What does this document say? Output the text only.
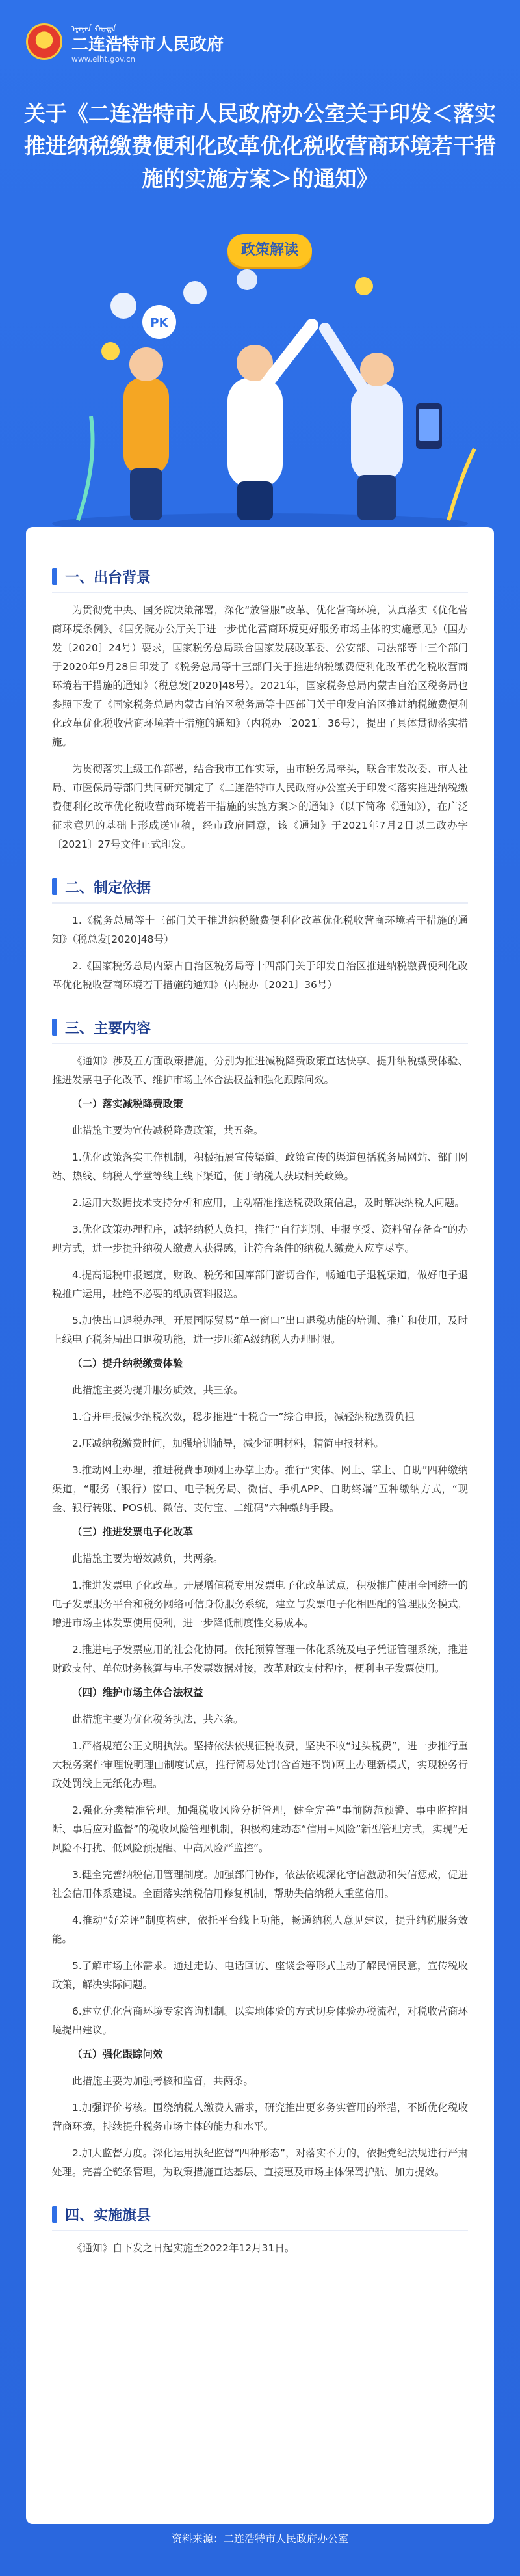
ᠡᠷᠡᠶᠡᠨ ᠬᠣᠲᠠ
二连浩特市人民政府
www.elht.gov.cn
关于《二连浩特市人民政府办公室关于印发＜落实推进纳税缴费便利化改革优化税收营商环境若干措施的实施方案＞的通知》
政策解读
PK
一、出台背景

为贯彻党中央、国务院决策部署，深化“放管服”改革、优化营商环境，认真落实《优化营商环境条例》、《国务院办公厅关于进一步优化营商环境更好服务市场主体的实施意见》（国办发〔2020〕24号）要求，国家税务总局联合国家发展改革委、公安部、司法部等十三个部门于2020年9月28日印发了《税务总局等十三部门关于推进纳税缴费便利化改革优化税收营商环境若干措施的通知》（税总发[2020]48号）。2021年，国家税务总局内蒙古自治区税务局也参照下发了《国家税务总局内蒙古自治区税务局等十四部门关于印发自治区推进纳税缴费便利化改革优化税收营商环境若干措施的通知》（内税办〔2021〕36号），提出了具体贯彻落实措施。

为贯彻落实上级工作部署，结合我市工作实际，由市税务局牵头，联合市发改委、市人社局、市医保局等部门共同研究制定了《二连浩特市人民政府办公室关于印发＜落实推进纳税缴费便利化改革优化税收营商环境若干措施的实施方案＞的通知》（以下简称《通知》），在广泛征求意见的基础上形成送审稿，经市政府同意，该《通知》于2021年7月2日以二政办字〔2021〕27号文件正式印发。

二、制定依据

1.《税务总局等十三部门关于推进纳税缴费便利化改革优化税收营商环境若干措施的通知》（税总发[2020]48号）

2.《国家税务总局内蒙古自治区税务局等十四部门关于印发自治区推进纳税缴费便利化改革优化税收营商环境若干措施的通知》（内税办〔2021〕36号）

三、主要内容

《通知》涉及五方面政策措施，分别为推进减税降费政策直达快享、提升纳税缴费体验、推进发票电子化改革、维护市场主体合法权益和强化跟踪问效。

（一）落实减税降费政策

此措施主要为宣传减税降费政策，共五条。

1.优化政策落实工作机制，积极拓展宣传渠道。政策宣传的渠道包括税务局网站、部门网站、热线、纳税人学堂等线上线下渠道，便于纳税人获取相关政策。

2.运用大数据技术支持分析和应用，主动精准推送税费政策信息，及时解决纳税人问题。

3.优化政策办理程序，减轻纳税人负担，推行“自行判别、申报享受、资料留存备查”的办理方式，进一步提升纳税人缴费人获得感，让符合条件的纳税人缴费人应享尽享。

4.提高退税申报速度，财政、税务和国库部门密切合作，畅通电子退税渠道，做好电子退税推广运用，杜绝不必要的纸质资料报送。

5.加快出口退税办理。开展国际贸易“单一窗口”出口退税功能的培训、推广和使用，及时上线电子税务局出口退税功能，进一步压缩A级纳税人办理时限。

（二）提升纳税缴费体验

此措施主要为提升服务质效，共三条。

1.合并申报减少纳税次数，稳步推进“十税合一”综合申报，减轻纳税缴费负担

2.压减纳税缴费时间，加强培训辅导，减少证明材料，精简申报材料。

3.推动网上办理，推进税费事项网上办掌上办。推行“实体、网上、掌上、自助”四种缴纳渠道，“服务（银行）窗口、电子税务局、微信、手机APP、自助终端”五种缴纳方式，“现金、银行转账、POS机、微信、支付宝、二维码”六种缴纳手段。

（三）推进发票电子化改革

此措施主要为增效减负，共两条。

1.推进发票电子化改革。开展增值税专用发票电子化改革试点，积极推广使用全国统一的电子发票服务平台和税务网络可信身份服务系统，建立与发票电子化相匹配的管理服务模式，增进市场主体发票使用便利，进一步降低制度性交易成本。

2.推进电子发票应用的社会化协同。依托预算管理一体化系统及电子凭证管理系统，推进财政支付、单位财务核算与电子发票数据对接，改革财政支付程序，便利电子发票使用。

（四）维护市场主体合法权益

此措施主要为优化税务执法，共六条。

1.严格规范公正文明执法。坚持依法依规征税收费，坚决不收“过头税费”，进一步推行重大税务案件审理说明理由制度试点，推行简易处罚(含首违不罚)网上办理新模式，实现税务行政处罚线上无纸化办理。

2.强化分类精准管理。加强税收风险分析管理，健全完善“事前防范预警、事中监控阻断、事后应对监督”的税收风险管理机制，积极构建动态“信用+风险”新型管理方式，实现“无风险不打扰、低风险预提醒、中高风险严监控”。

3.健全完善纳税信用管理制度。加强部门协作，依法依规深化守信激励和失信惩戒，促进社会信用体系建设。全面落实纳税信用修复机制，帮助失信纳税人重塑信用。

4.推动“好差评”制度构建，依托平台线上功能，畅通纳税人意见建议，提升纳税服务效能。

5.了解市场主体需求。通过走访、电话回访、座谈会等形式主动了解民情民意，宣传税收政策，解决实际问题。

6.建立优化营商环境专家咨询机制。以实地体验的方式切身体验办税流程，对税收营商环境提出建议。

（五）强化跟踪问效

此措施主要为加强考核和监督，共两条。

1.加强评价考核。围绕纳税人缴费人需求，研究推出更多务实管用的举措，不断优化税收营商环境，持续提升税务市场主体的能力和水平。

2.加大监督力度。深化运用执纪监督“四种形态”，对落实不力的，依据党纪法规进行严肃处理。完善全链条管理，为政策措施直达基层、直接惠及市场主体保驾护航、加力提效。

四、实施旗县

《通知》自下发之日起实施至2022年12月31日。

资料来源：二连浩特市人民政府办公室
